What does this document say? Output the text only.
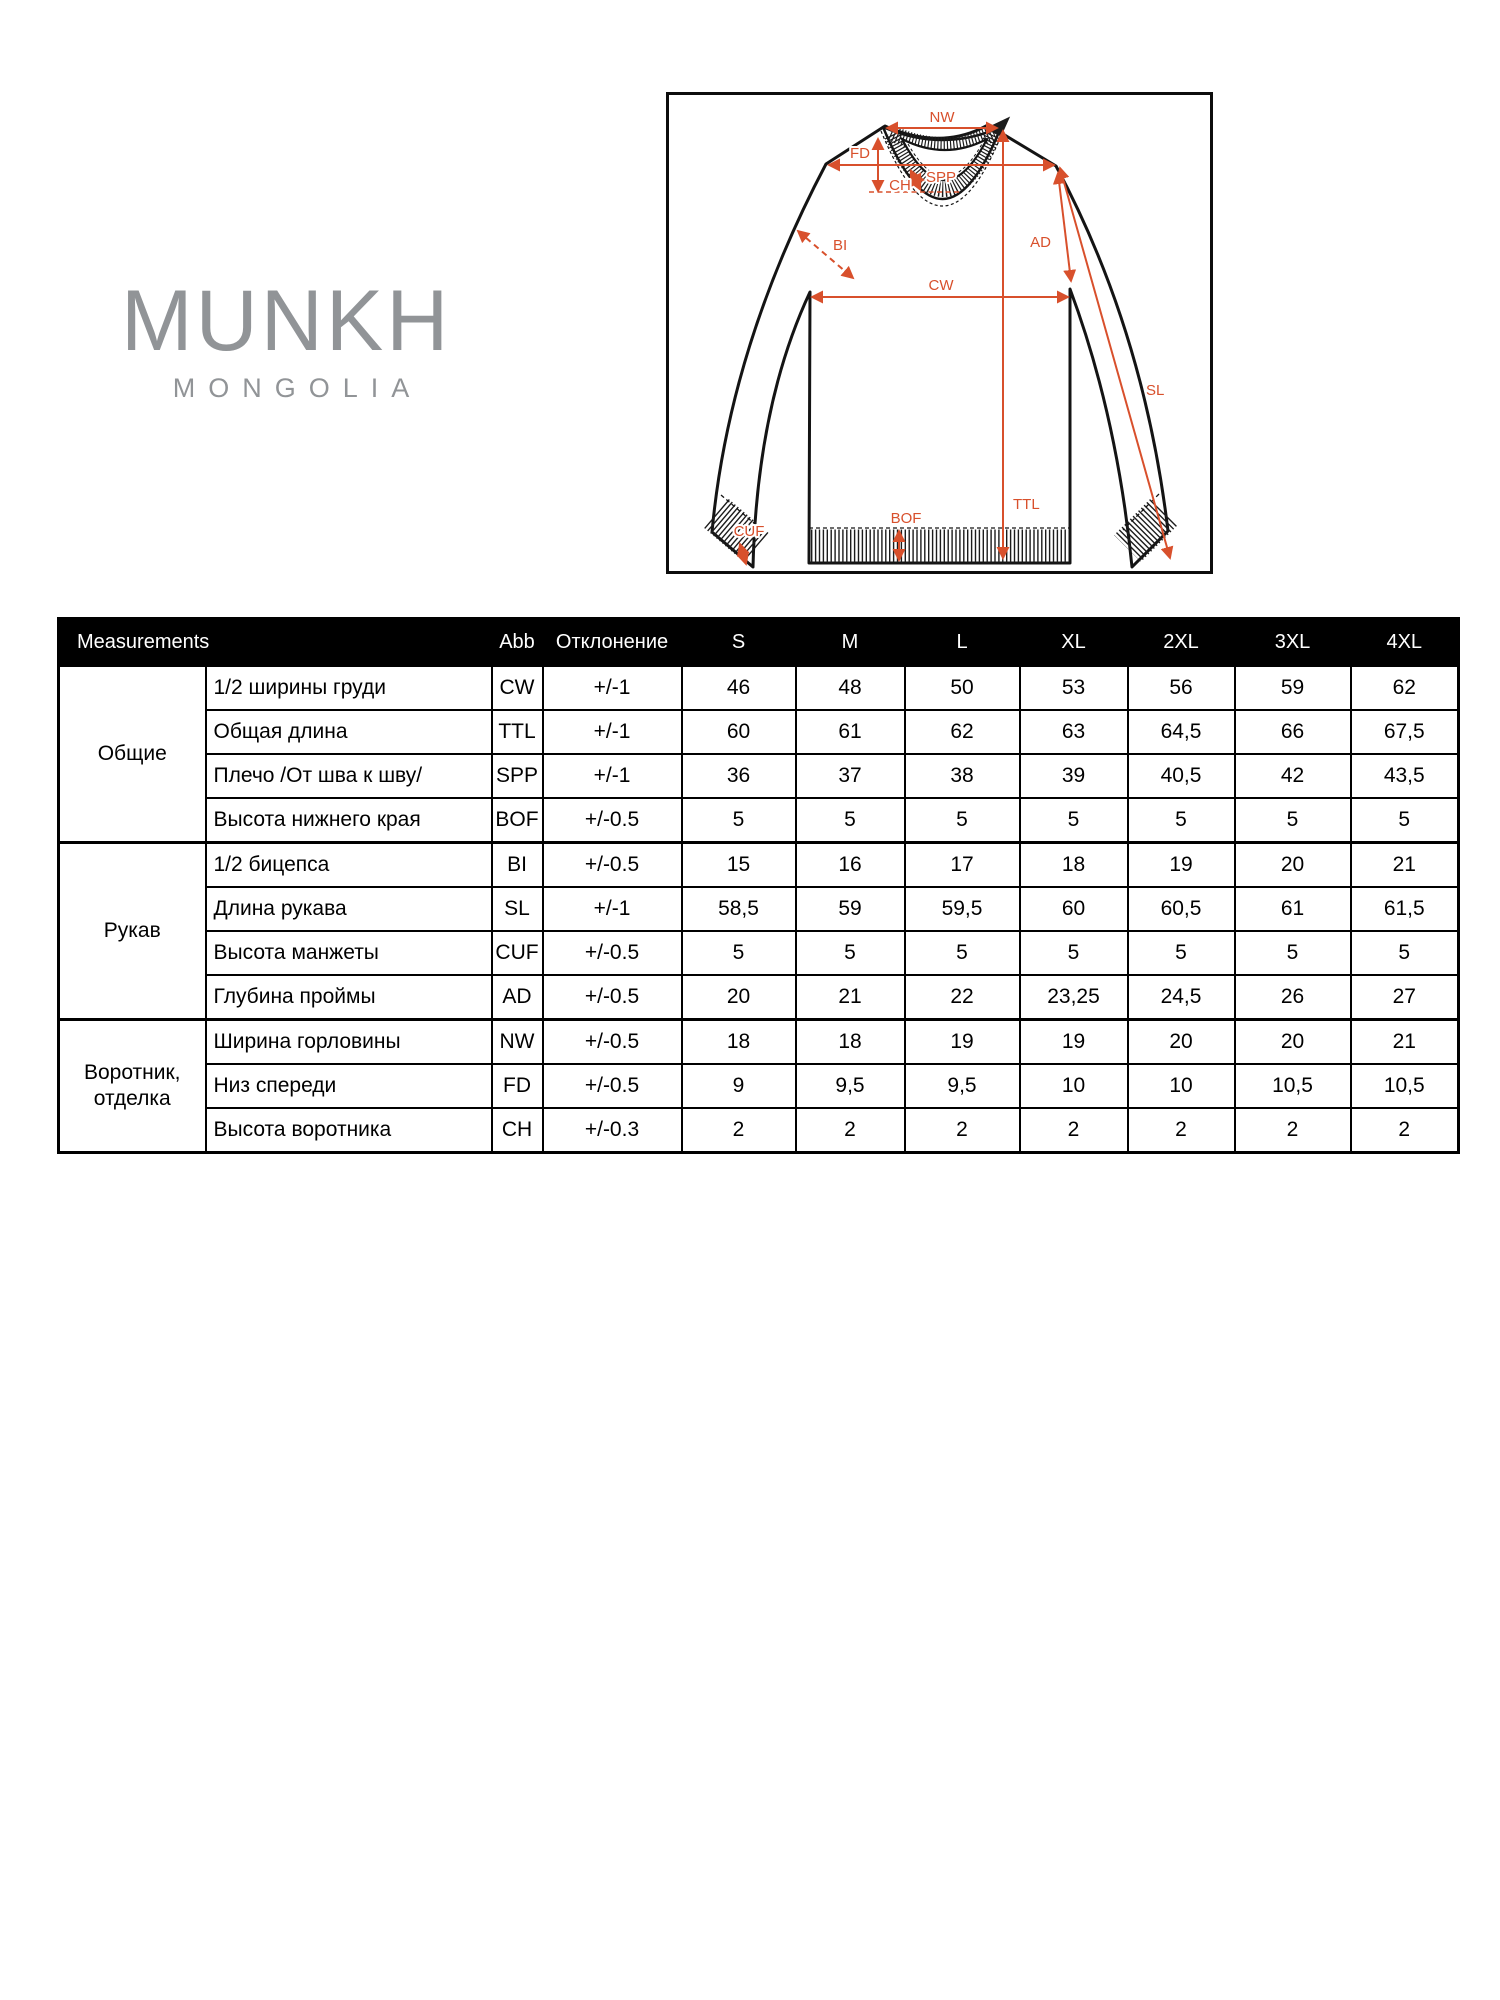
MUNKH
MONGOLIA
NW
FD
SPP
CH
BI	AD
CW
SL
TTL
BOF
CUF
Measurements		Abb	Отклонение	S	M	L	XL	2XL	3XL	4XL
Общие	1/2 ширины груди	CW	+/-1	46	48	50	53	56	59	62
	Общая длина	TTL	+/-1	60	61	62	63	64,5	66	67,5
	Плечо /От шва к шву/	SPP	+/-1	36	37	38	39	40,5	42	43,5
	Высота нижнего края	BOF	+/-0.5	5	5	5	5	5	5	5
Рукав	1/2 бицепса	BI	+/-0.5	15	16	17	18	19	20	21
	Длина рукава	SL	+/-1	58,5	59	59,5	60	60,5	61	61,5
	Высота манжеты	CUF	+/-0.5	5	5	5	5	5	5	5
	Глубина проймы	AD	+/-0.5	20	21	22	23,25	24,5	26	27
Воротник, отделка	Ширина горловины	NW	+/-0.5	18	18	19	19	20	20	21
	Низ спереди	FD	+/-0.5	9	9,5	9,5	10	10	10,5	10,5
	Высота воротника	CH	+/-0.3	2	2	2	2	2	2	2
